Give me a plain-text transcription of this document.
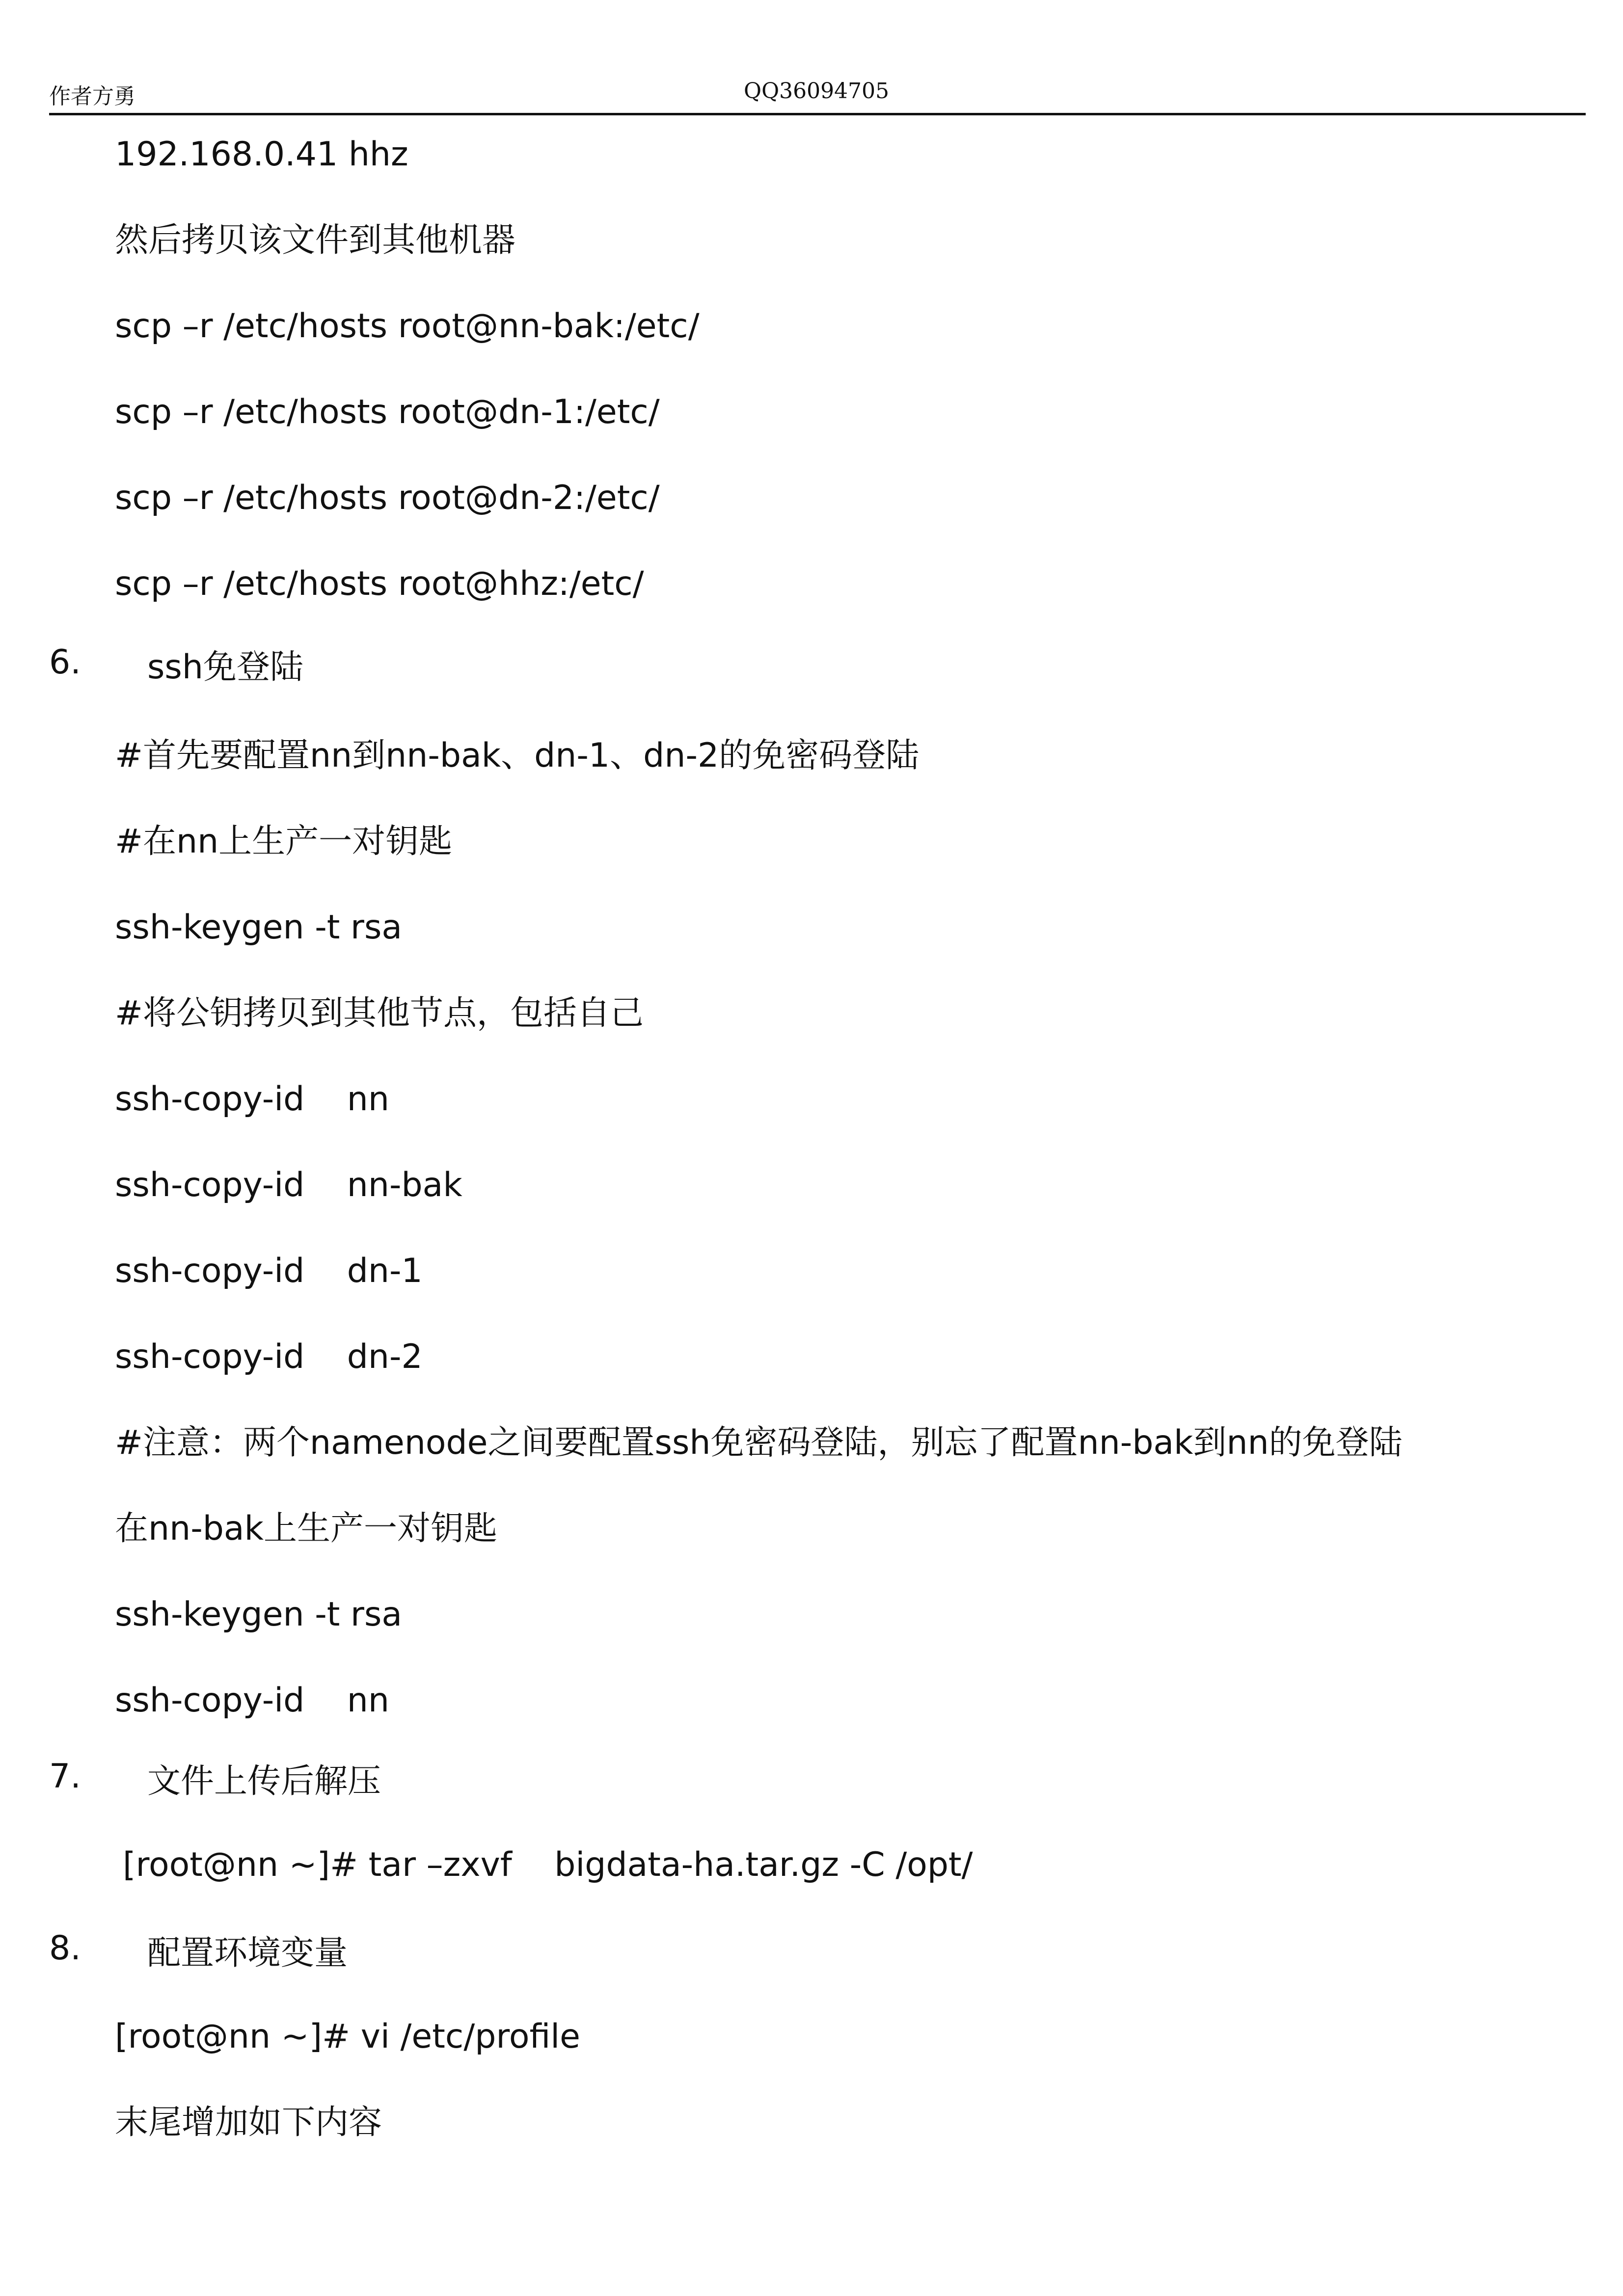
作者方勇	QQ36094705
192.168.0.41 hhz
然后拷贝该文件到其他机器
scp –r /etc/hosts root@nn-bak:/etc/
scp –r /etc/hosts root@dn-1:/etc/
scp –r /etc/hosts root@dn-2:/etc/
scp –r /etc/hosts root@hhz:/etc/
6. ssh免登陆
#首先要配置nn到nn-bak、dn-1、dn-2的免密码登陆
#在nn上生产一对钥匙
ssh-keygen -t rsa
#将公钥拷贝到其他节点，包括自己
ssh-copy-id    nn
ssh-copy-id    nn-bak
ssh-copy-id    dn-1
ssh-copy-id    dn-2
#注意：两个namenode之间要配置ssh免密码登陆，别忘了配置nn-bak到nn的免登陆
在nn-bak上生产一对钥匙
ssh-keygen -t rsa
ssh-copy-id    nn
7. 文件上传后解压
[root@nn ~]# tar –zxvf    bigdata-ha.tar.gz -C /opt/
8. 配置环境变量
[root@nn ~]# vi /etc/profile
末尾增加如下内容
